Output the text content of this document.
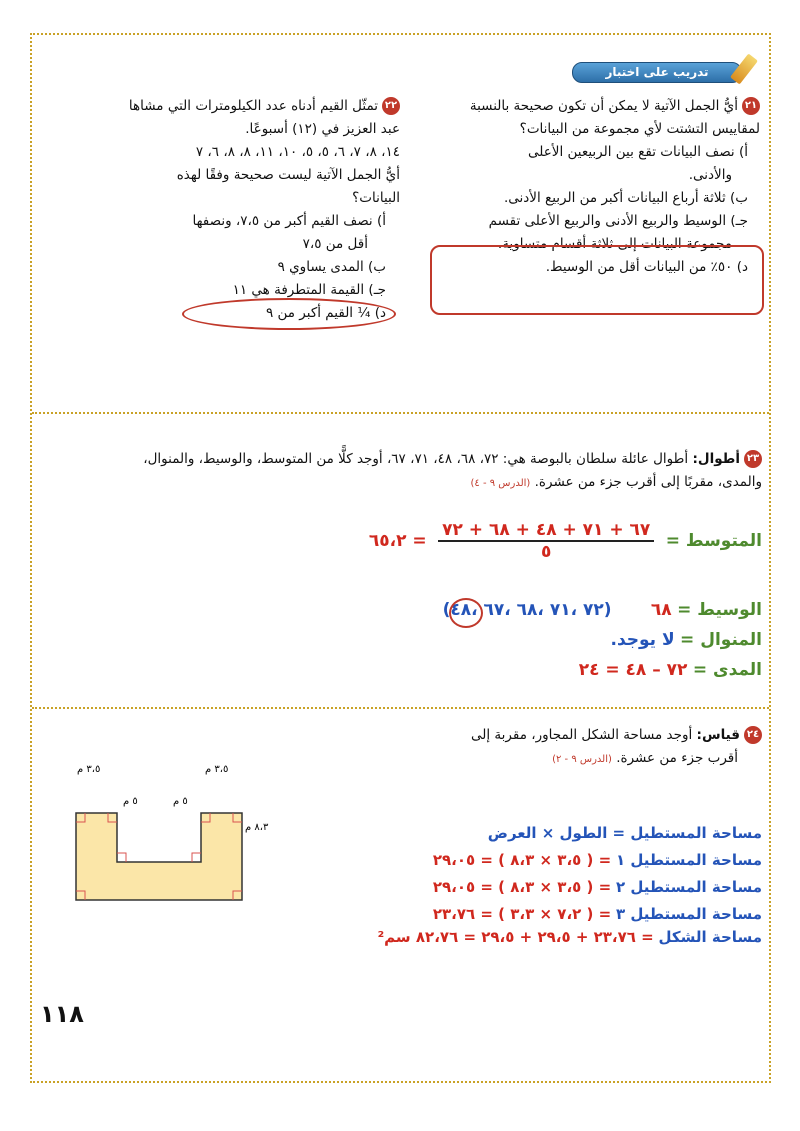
تدريب على اختبار
٢١أيُّ الجمل الآتية لا يمكن أن تكون صحيحة بالنسبة
لمقاييس التشتت لأي مجموعة من البيانات؟
أ) نصف البيانات تقع بين الربيعين الأعلى
والأدنى.
ب) ثلاثة أرباع البيانات أكبر من الربيع الأدنى.
جـ) الوسيط والربيع الأدنى والربيع الأعلى تقسم
مجموعة البيانات إلى ثلاثة أقسام متساوية.
د) ٥٠٪ من البيانات أقل من الوسيط.
٢٢تمثّل القيم أدناه عدد الكيلومترات التي مشاها
عبد العزيز في (١٢) أسبوعًا.
١٤، ٨، ٧، ٦، ٥، ٥، ١٠، ١١، ٨، ٨، ٦، ٧
أيُّ الجمل الآتية ليست صحيحة وفقًا لهذه
البيانات؟
أ) نصف القيم أكبر من ٧،٥، ونصفها
أقل من ٧،٥
ب) المدى يساوي ٩
جـ) القيمة المتطرفة هي ١١
د) ¼ القيم أكبر من ٩
٢٣أطوال: أطوال عائلة سلطان بالبوصة هي: ٧٢، ٦٨، ٤٨، ٧١، ٦٧، أوجد كلًّا من المتوسط، والوسيط، والمنوال،
والمدى، مقربًا إلى أقرب جزء من عشرة. (الدرس ٩ - ٤)
المتوسط =
٦٧ + ٧١ + ٤٨ + ٦٨ + ٧٢
٥
= ٦٥،٢
الوسيط = ٦٨ (٧٢ ،٧١ ،٦٨ ،٦٧ ،٤٨)
المنوال = لا يوجد.
المدى = ٧٢ – ٤٨ = ٢٤
٢٤قياس: أوجد مساحة الشكل المجاور، مقربة إلى
أقرب جزء من عشرة. (الدرس ٩ - ٢)
مساحة المستطيل = الطول × العرض
مساحة المستطيل ١ = ( ٣،٥ × ٨،٣ ) = ٢٩،٠٥
مساحة المستطيل ٢ = ( ٣،٥ × ٨،٣ ) = ٢٩،٠٥
مساحة المستطيل ٣ = ( ٧،٢ × ٣،٣ ) = ٢٣،٧٦
مساحة الشكل = ٢٣،٧٦ + ٢٩،٥ + ٢٩،٥ = ٨٢،٧٦ سم²
٣،٥ م	٣،٥ م
٥ م	٥ م
٨،٣ م
١١٨
